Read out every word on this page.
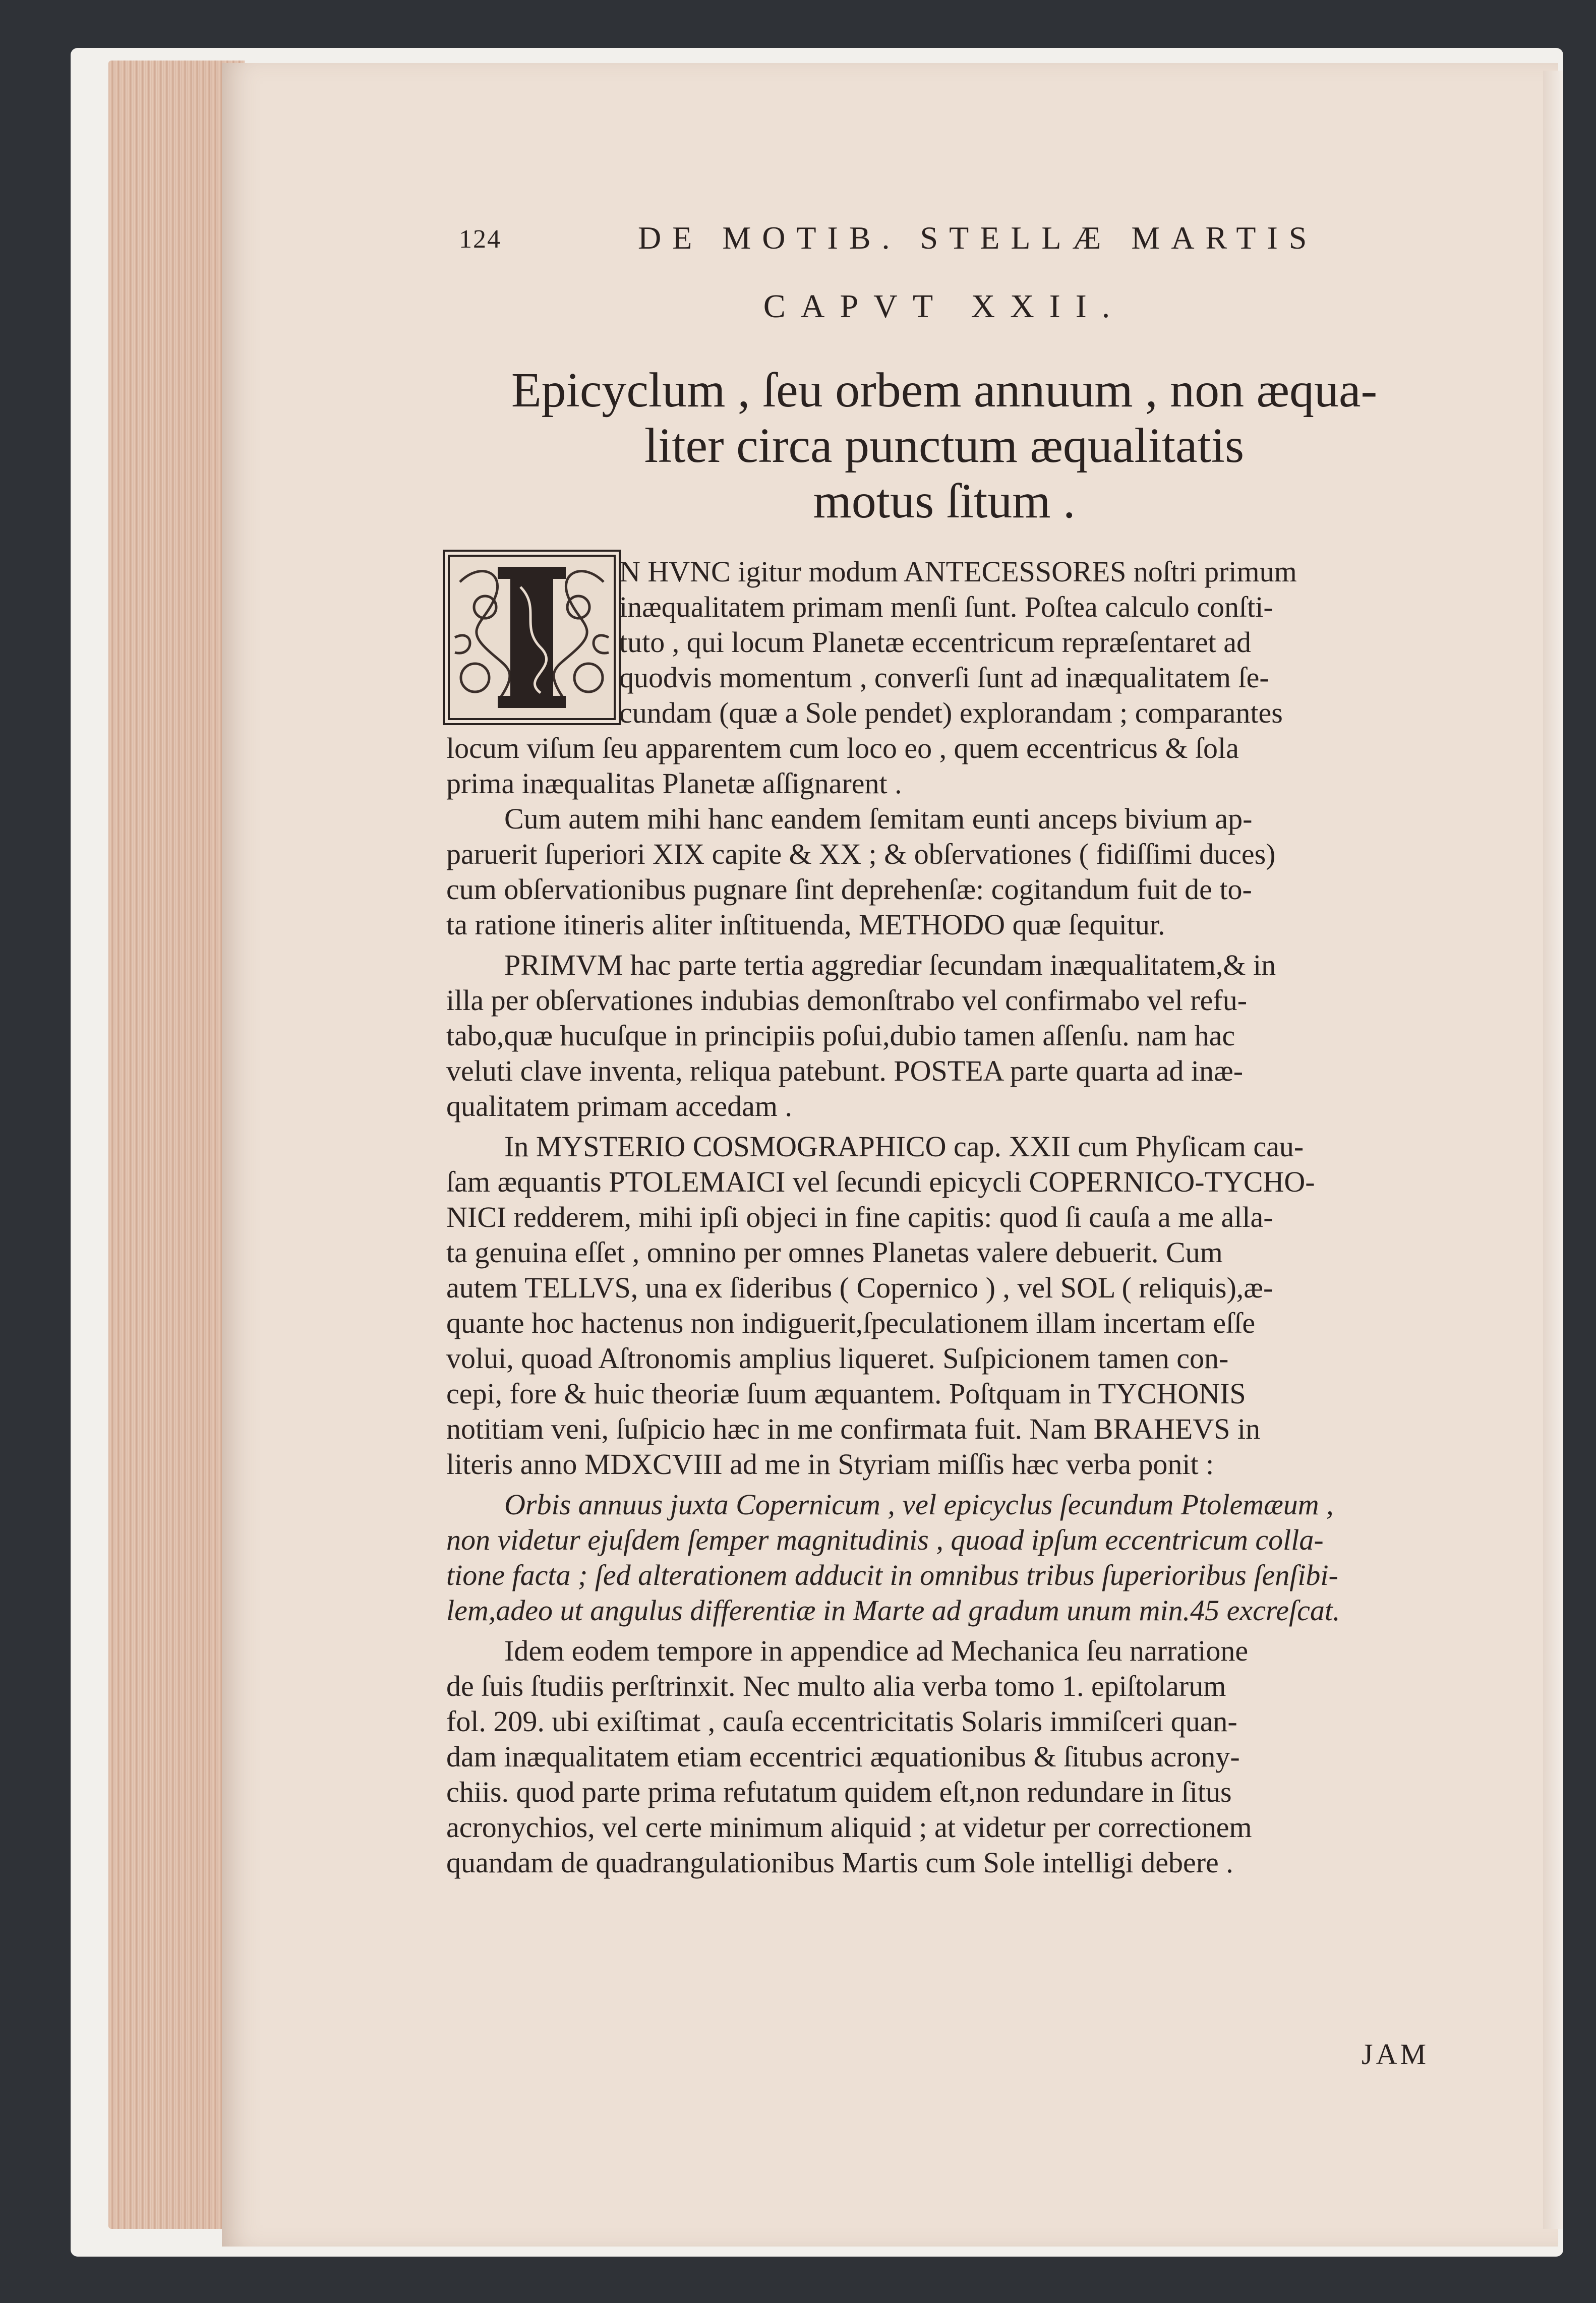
124	DE MOTIB. STELLÆ MARTIS
CAPVT XXII.
Epicyclum , ſeu orbem annuum , non æqua-
liter circa punctum æqualitatis
motus ſitum .
N HVNC igitur modum ANTECESSORES noſtri primum
inæqualitatem primam menſi ſunt. Poſtea calculo conſti-
tuto , qui locum Planetæ eccentricum repræſentaret ad
quodvis momentum , converſi ſunt ad inæqualitatem ſe-
cundam (quæ a Sole pendet) explorandam ; comparantes
locum viſum ſeu apparentem cum loco eo , quem eccentricus & ſola
prima inæqualitas Planetæ aſſignarent .
Cum autem mihi hanc eandem ſemitam eunti anceps bivium ap-
paruerit ſuperiori XIX capite & XX ; & obſervationes ( fidiſſimi duces)
cum obſervationibus pugnare ſint deprehenſæ: cogitandum fuit de to-
ta ratione itineris aliter inſtituenda, METHODO quæ ſequitur.
PRIMVM hac parte tertia aggrediar ſecundam inæqualitatem,& in
illa per obſervationes indubias demonſtrabo vel confirmabo vel refu-
tabo,quæ hucuſque in principiis poſui,dubio tamen aſſenſu. nam hac
veluti clave inventa, reliqua patebunt. POSTEA parte quarta ad inæ-
qualitatem primam accedam .
In MYSTERIO COSMOGRAPHICO cap. XXII cum Phyſicam cau-
ſam æquantis PTOLEMAICI vel ſecundi epicycli COPERNICO-TYCHO-
NICI redderem, mihi ipſi objeci in fine capitis: quod ſi cauſa a me alla-
ta genuina eſſet , omnino per omnes Planetas valere debuerit. Cum
autem TELLVS, una ex ſideribus ( Copernico ) , vel SOL ( reliquis),æ-
quante hoc hactenus non indiguerit,ſpeculationem illam incertam eſſe
volui, quoad Aſtronomis amplius liqueret. Suſpicionem tamen con-
cepi, fore & huic theoriæ ſuum æquantem. Poſtquam in TYCHONIS
notitiam veni, ſuſpicio hæc in me confirmata fuit. Nam BRAHEVS in
literis anno MDXCVIII ad me in Styriam miſſis hæc verba ponit :
Orbis annuus juxta Copernicum , vel epicyclus ſecundum Ptolemæum ,
non videtur ejuſdem ſemper magnitudinis , quoad ipſum eccentricum colla-
tione facta ; ſed alterationem adducit in omnibus tribus ſuperioribus ſenſibi-
lem,adeo ut angulus differentiæ in Marte ad gradum unum min.45 excreſcat.
Idem eodem tempore in appendice ad Mechanica ſeu narratione
de ſuis ſtudiis perſtrinxit. Nec multo alia verba tomo 1. epiſtolarum
fol. 209. ubi exiſtimat , cauſa eccentricitatis Solaris immiſceri quan-
dam inæqualitatem etiam eccentrici æquationibus & ſitubus acrony-
chiis. quod parte prima refutatum quidem eſt,non redundare in ſitus
acronychios, vel certe minimum aliquid ; at videtur per correctionem
quandam de quadrangulationibus Martis cum Sole intelligi debere .
JAM
